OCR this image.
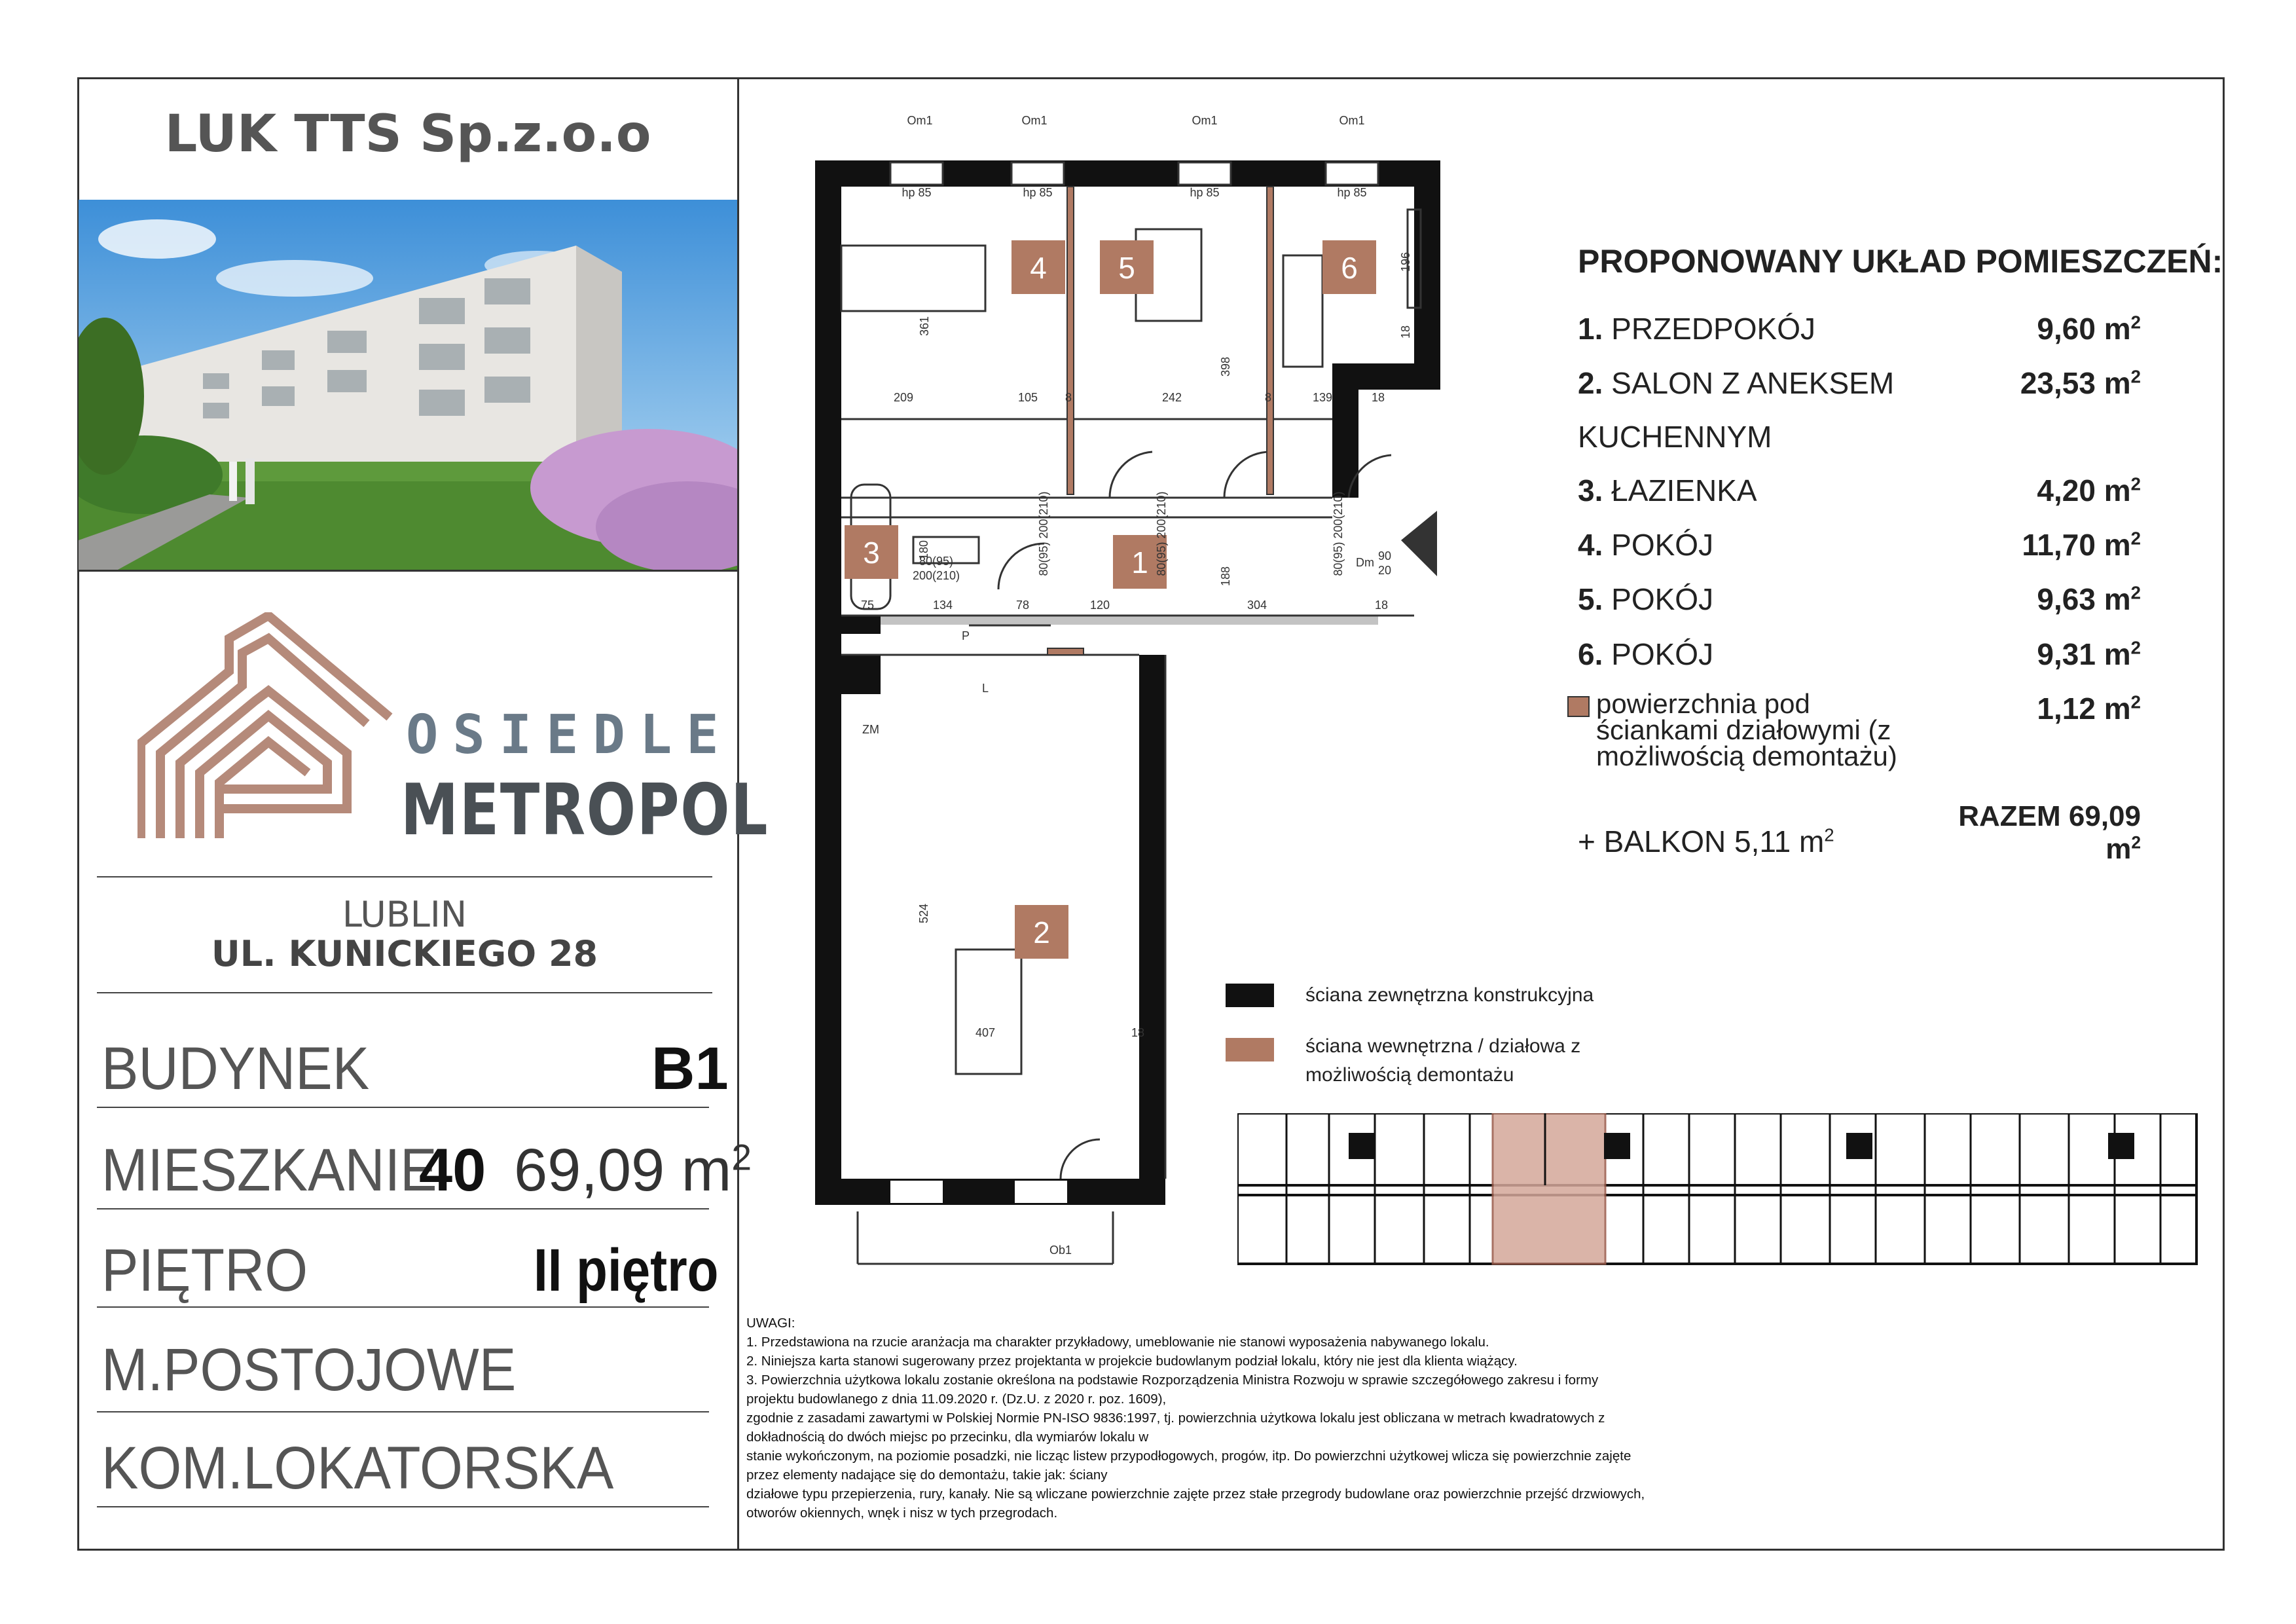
LUK TTS Sp.z.o.o
OSIEDLE
METROPOL
LUBLIN
UL. KUNICKIEGO 28
BUDYNEK	B1
MIESZKANIE
40 69,09 $m^2$
PIĘTRO	II piętro
M.POSTOJOWE
KOM.LOKATORSKA
4 5	6
3	1
2
209	105 8	242	8	139	18
134	78	120	304	18
75
407	18
80(95)
200(210)
ZM
P
L
90
20
Dm
hp 85	hp 85	hp 85	hp 85
Om1	Om1	Om1	Om1
Ob1
361
398
196
18
180
188
524
80(95) 200(210)	80(95) 200(210)	80(95) 200(210)
PROPONOWANY UKŁAD POMIESZCZEŃ:
1. PRZEDPOKÓJ	9,60 $m^2$
2. SALON Z ANEKSEM	23,53 $m^2$
KUCHENNYM
3. ŁAZIENKA	4,20 $m^2$
4. POKÓJ	11,70 $m^2$
5. POKÓJ	9,63 $m^2$
6. POKÓJ	9,31 $m^2$
powierzchnia pod ściankami działowymi (z możliwością demontażu)
1,12 $m^2$
RAZEM 69,09 $m^2$
+ BALKON 5,11 $m^2$
ściana zewnętrzna konstrukcyjna
ściana wewnętrzna / działowa z możliwością demontażu

UWAGI:

1. Przedstawiona na rzucie aranżacja ma charakter przykładowy, umeblowanie nie stanowi wyposażenia nabywanego lokalu.

2. Niniejsza karta stanowi sugerowany przez projektanta w projekcie budowlanym podział lokalu, który nie jest dla klienta wiążący.

3. Powierzchnia użytkowa lokalu zostanie określona na podstawie Rozporządzenia Ministra Rozwoju w sprawie szczegółowego zakresu i formy

projektu budowlanego z dnia 11.09.2020 r. (Dz.U. z 2020 r. poz. 1609),

zgodnie z zasadami zawartymi w Polskiej Normie PN-ISO 9836:1997, tj. powierzchnia użytkowa lokalu jest obliczana w metrach kwadratowych z

dokładnością do dwóch miejsc po przecinku, dla wymiarów lokalu w

stanie wykończonym, na poziomie posadzki, nie licząc listew przypodłogowych, progów, itp. Do powierzchni użytkowej wlicza się powierzchnie zajęte

przez elementy nadające się do demontażu, takie jak: ściany

działowe typu przepierzenia, rury, kanały. Nie są wliczane powierzchnie zajęte przez stałe przegrody budowlane oraz powierzchnie przejść drzwiowych,

otworów okiennych, wnęk i nisz w tych przegrodach.
